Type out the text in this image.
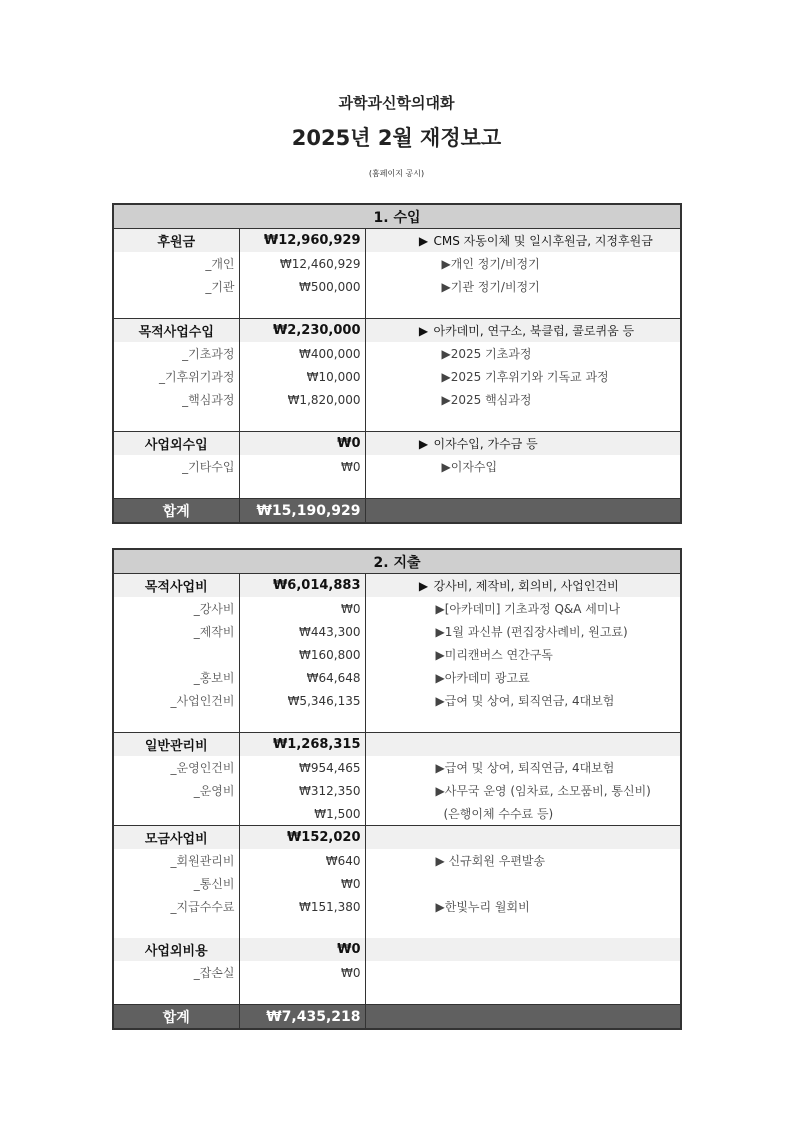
과학과신학의대화
2025년 2월 재정보고
(홈페이지 공시)
1. 수입		
후원금	₩12,960,929	▶ CMS 자동이체 및 일시후원금, 지정후원금
_개인	₩12,460,929	▶개인 정기/비정기

_기관	₩500,000	▶기관 정기/비정기

목적사업수입	₩2,230,000	▶ 아카데미, 연구소, 북클럽, 콜로퀴움 등
_기초과정	₩400,000	▶2025 기초과정

_기후위기과정	₩10,000	▶2025 기후위기와 기독교 과정

_핵심과정	₩1,820,000	▶2025 핵심과정

사업외수입	₩0	▶ 이자수입, 가수금 등
_기타수입	₩0	▶이자수입

합계	₩15,190,929	
2. 지출		
목적사업비	₩6,014,883	▶ 강사비, 제작비, 회의비, 사업인건비
_강사비	₩0	▶[아카데미] 기초과정 Q&A 세미나

_제작비	₩443,300	▶1월 과신뷰 (편집장사례비, 원고료)

	₩160,800	▶미리캔버스 연간구독

_홍보비	₩64,648	▶아카데미 광고료

_사업인건비	₩5,346,135	▶급여 및 상여, 퇴직연금, 4대보험

일반관리비	₩1,268,315	
_운영인건비	₩954,465	▶급여 및 상여, 퇴직연금, 4대보험

_운영비	₩312,350	▶사무국 운영 (임차료, 소모품비, 통신비)

	₩1,500	(은행이체 수수료 등)

모금사업비	₩152,020	
_회원관리비	₩640	▶ 신규회원 우편발송

_통신비	₩0	

_지급수수료	₩151,380	▶한빛누리 월회비

사업외비용	₩0	
_잡손실	₩0	

합계	₩7,435,218	
